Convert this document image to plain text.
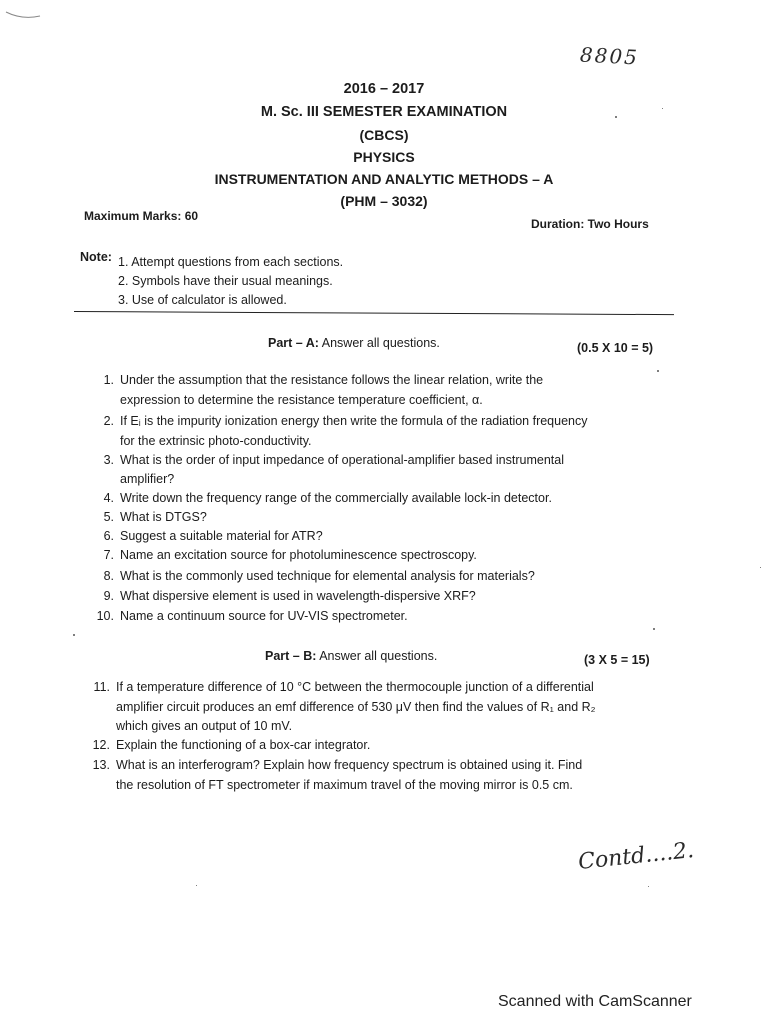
8805
2016 – 2017
M. Sc. III SEMESTER EXAMINATION
(CBCS)
PHYSICS
INSTRUMENTATION AND ANALYTIC METHODS – A
(PHM – 3032)
Maximum Marks: 60
Duration: Two Hours
Note: 1. Attempt questions from each sections.
2. Symbols have their usual meanings.
3. Use of calculator is allowed.
Part – A: Answer all questions.	(0.5 X 10 = 5)
1. Under the assumption that the resistance follows the linear relation, write the
expression to determine the resistance temperature coefficient, α.
2. If Eᵢ is the impurity ionization energy then write the formula of the radiation frequency
for the extrinsic photo-conductivity.
3. What is the order of input impedance of operational-amplifier based instrumental
amplifier?
4. Write down the frequency range of the commercially available lock-in detector.
5. What is DTGS?
6. Suggest a suitable material for ATR?
7. Name an excitation source for photoluminescence spectroscopy.
8. What is the commonly used technique for elemental analysis for materials?
9. What dispersive element is used in wavelength-dispersive XRF?
10. Name a continuum source for UV-VIS spectrometer.
Part – B: Answer all questions.	(3 X 5 = 15)
11. If a temperature difference of 10 °C between the thermocouple junction of a differential
amplifier circuit produces an emf difference of 530 μV then find the values of R₁ and R₂
which gives an output of 10 mV.
12. Explain the functioning of a box-car integrator.
13. What is an interferogram? Explain how frequency spectrum is obtained using it. Find
the resolution of FT spectrometer if maximum travel of the moving mirror is 0.5 cm.
Contd....2.
Scanned with CamScanner
